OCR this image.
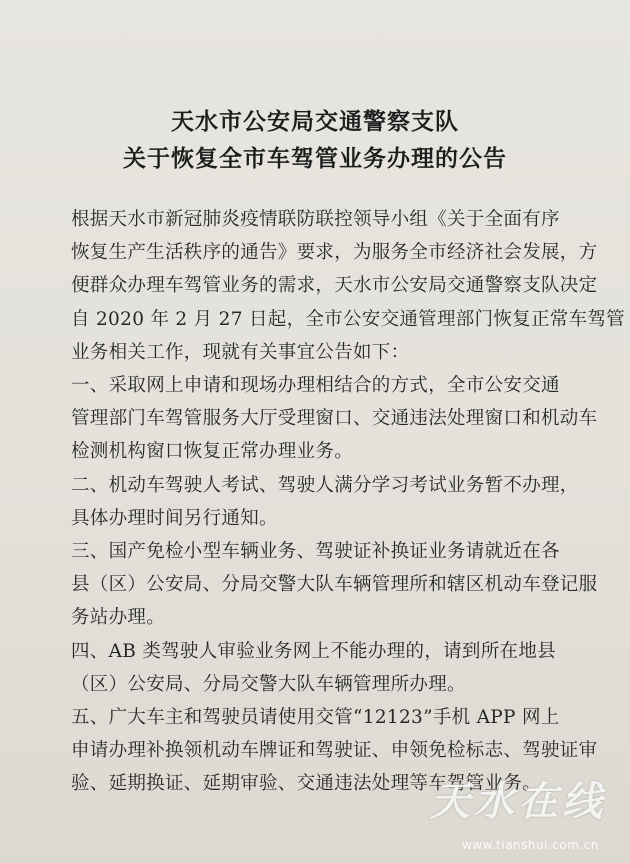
天水市公安局交通警察支队
关于恢复全市车驾管业务办理的公告
根据天水市新冠肺炎疫情联防联控领导小组《关于全面有序
恢复生产生活秩序的通告》要求，为服务全市经济社会发展，方
便群众办理车驾管业务的需求，天水市公安局交通警察支队决定
自 2020 年 2 月 27 日起，全市公安交通管理部门恢复正常车驾管
业务相关工作，现就有关事宜公告如下：
一、采取网上申请和现场办理相结合的方式，全市公安交通
管理部门车驾管服务大厅受理窗口、交通违法处理窗口和机动车
检测机构窗口恢复正常办理业务。
二、机动车驾驶人考试、驾驶人满分学习考试业务暂不办理，
具体办理时间另行通知。
三、国产免检小型车辆业务、驾驶证补换证业务请就近在各
县（区）公安局、分局交警大队车辆管理所和辖区机动车登记服
务站办理。
四、AB 类驾驶人审验业务网上不能办理的，请到所在地县
（区）公安局、分局交警大队车辆管理所办理。
五、广大车主和驾驶员请使用交管“12123”手机 APP 网上
申请办理补换领机动车牌证和驾驶证、申领免检标志、驾驶证审
验、延期换证、延期审验、交通违法处理等车驾管业务。
天水在线
www.tianshui.com.cn
